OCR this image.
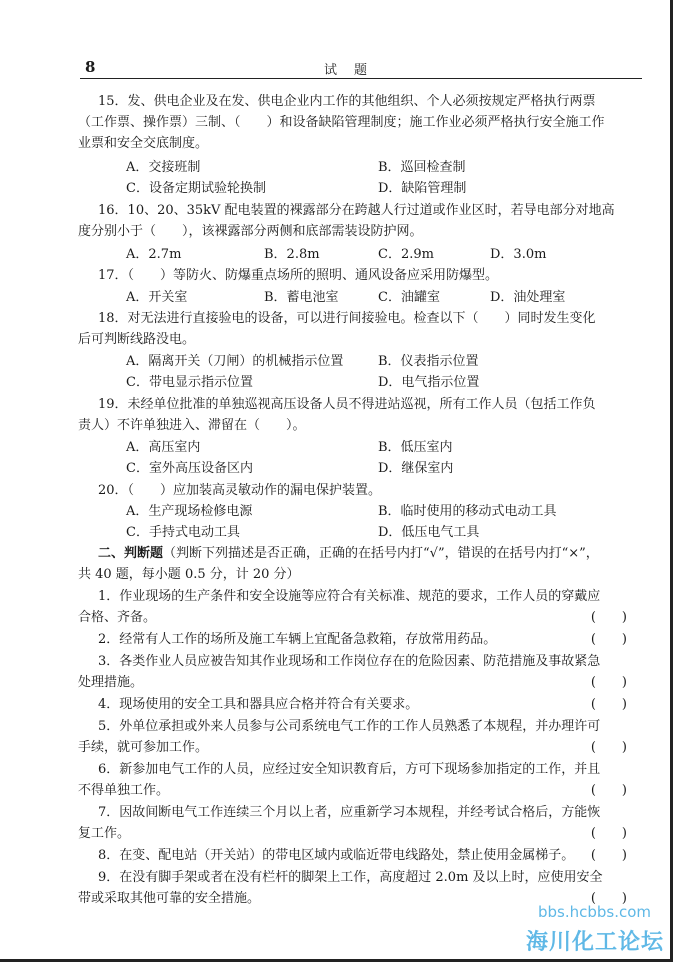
8	试　题
15．发、供电企业及在发、供电企业内工作的其他组织、个人必须按规定严格执行两票
（工作票、操作票）三制、（　　）和设备缺陷管理制度；施工作业必须严格执行安全施工作
业票和安全交底制度。
A．交接班制	B．巡回检查制
C．设备定期试验轮换制	D．缺陷管理制
16．10、20、35kV 配电装置的裸露部分在跨越人行过道或作业区时，若导电部分对地高
度分别小于（　　），该裸露部分两侧和底部需装设防护网。
A．2.7m	B．2.8m	C．2.9m	D．3.0m
17．（　　）等防火、防爆重点场所的照明、通风设备应采用防爆型。
A．开关室	B．蓄电池室	C．油罐室	D．油处理室
18．对无法进行直接验电的设备，可以进行间接验电。检查以下（　　）同时发生变化
后可判断线路没电。
A．隔离开关（刀闸）的机械指示位置	B．仪表指示位置
C．带电显示指示位置	D．电气指示位置
19．未经单位批准的单独巡视高压设备人员不得进站巡视，所有工作人员（包括工作负
责人）不许单独进入、滞留在（　　）。
A．高压室内	B．低压室内
C．室外高压设备区内	D．继保室内
20．（　　）应加装高灵敏动作的漏电保护装置。
A．生产现场检修电源	B．临时使用的移动式电动工具
C．手持式电动工具	D．低压电气工具
二、判断题（判断下列描述是否正确，正确的在括号内打“√”，错误的在括号内打“×”，
共 40 题，每小题 0.5 分，计 20 分）
1．作业现场的生产条件和安全设施等应符合有关标准、规范的要求，工作人员的穿戴应
合格、齐备。	(　　)
2．经常有人工作的场所及施工车辆上宜配备急救箱，存放常用药品。	(　　)
3．各类作业人员应被告知其作业现场和工作岗位存在的危险因素、防范措施及事故紧急
处理措施。	(　　)
4．现场使用的安全工具和器具应合格并符合有关要求。	(　　)
5．外单位承担或外来人员参与公司系统电气工作的工作人员熟悉了本规程，并办理许可
手续，就可参加工作。	(　　)
6．新参加电气工作的人员，应经过安全知识教育后，方可下现场参加指定的工作，并且
不得单独工作。	(　　)
7．因故间断电气工作连续三个月以上者，应重新学习本规程，并经考试合格后，方能恢
复工作。	(　　)
8．在变、配电站（开关站）的带电区域内或临近带电线路处，禁止使用金属梯子。 (　　)
9．在没有脚手架或者在没有栏杆的脚架上工作，高度超过 2.0m 及以上时，应使用安全
带或采取其他可靠的安全措施。	(　　)
bbs.hcbbs.com
海川化工论坛
